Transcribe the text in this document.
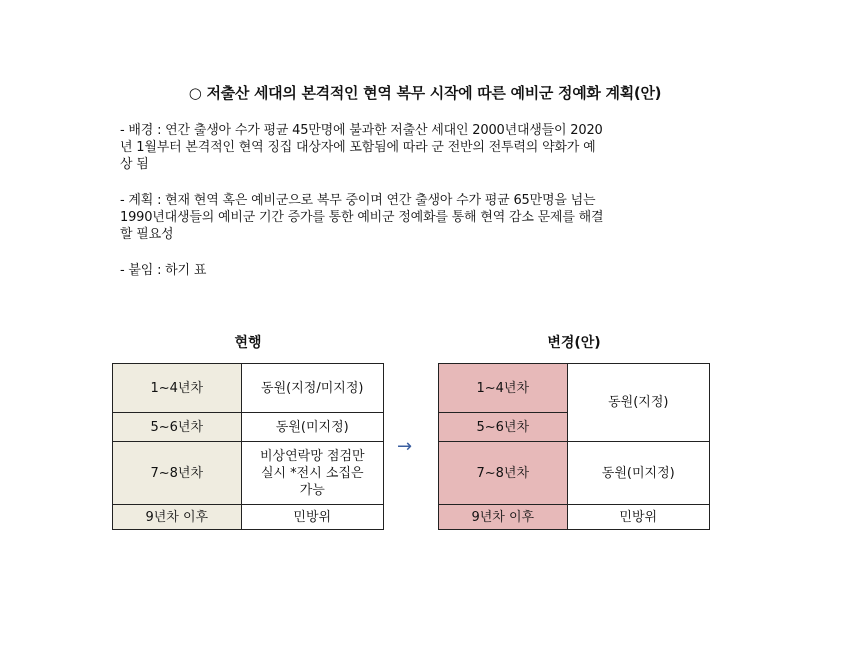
○ 저출산 세대의 본격적인 현역 복무 시작에 따른 예비군 정예화 계획(안)
- 배경 : 연간 출생아 수가 평균 45만명에 불과한 저출산 세대인 2000년대생들이 2020
년 1월부터 본격적인 현역 징집 대상자에 포함됨에 따라 군 전반의 전투력의 약화가 예
상 됨
- 계획 : 현재 현역 혹은 예비군으로 복무 중이며 연간 출생아 수가 평균 65만명을 넘는
1990년대생들의 예비군 기간 증가를 통한 예비군 정예화를 통해 현역 감소 문제를 해결
할 필요성
- 붙임 : 하기 표
현행	변경(안)
1~4년차	동원(지정/미지정)
5~6년차	동원(미지정)
7~8년차	비상연락망 점검만
실시 *전시 소집은
가능

9년차 이후	민방위
→
1~4년차	동원(지정)
5~6년차	
7~8년차	동원(미지정)
9년차 이후	민방위
